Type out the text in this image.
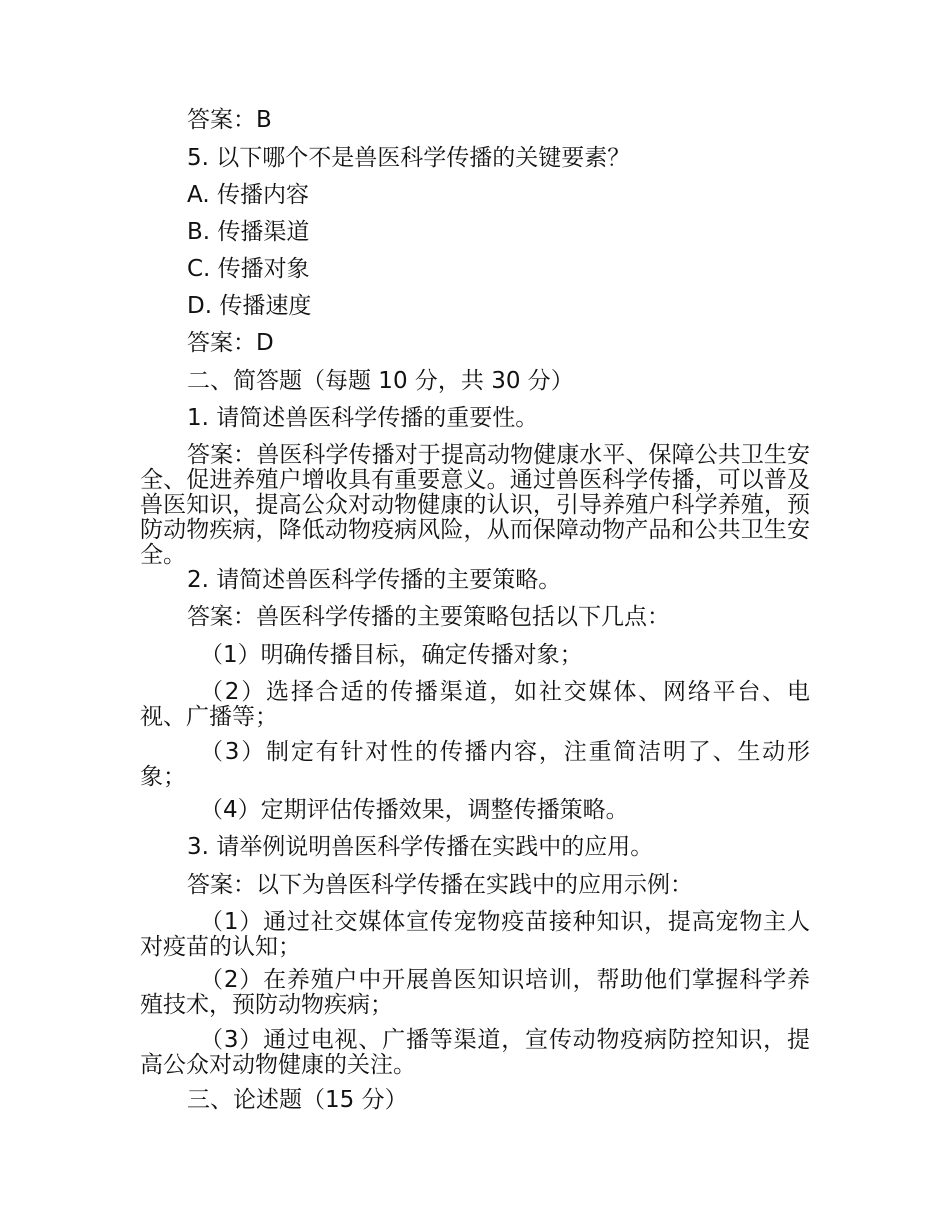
答案：B
5. 以下哪个不是兽医科学传播的关键要素？
A. 传播内容
B. 传播渠道
C. 传播对象
D. 传播速度
答案：D
二、简答题（每题 10 分，共 30 分）
1. 请简述兽医科学传播的重要性。
答案：兽医科学传播对于提高动物健康水平、保障公共卫生安全、促进养殖户增收具有重要意义。通过兽医科学传播，可以普及兽医知识，提高公众对动物健康的认识，引导养殖户科学养殖，预防动物疾病，降低动物疫病风险，从而保障动物产品和公共卫生安全。
2. 请简述兽医科学传播的主要策略。
答案：兽医科学传播的主要策略包括以下几点：
（1）明确传播目标，确定传播对象；
（2）选择合适的传播渠道，如社交媒体、网络平台、电视、广播等；
（3）制定有针对性的传播内容，注重简洁明了、生动形象；
（4）定期评估传播效果，调整传播策略。
3. 请举例说明兽医科学传播在实践中的应用。
答案：以下为兽医科学传播在实践中的应用示例：
（1）通过社交媒体宣传宠物疫苗接种知识，提高宠物主人对疫苗的认知；
（2）在养殖户中开展兽医知识培训，帮助他们掌握科学养殖技术，预防动物疾病；
（3）通过电视、广播等渠道，宣传动物疫病防控知识，提高公众对动物健康的关注。
三、论述题（15 分）
